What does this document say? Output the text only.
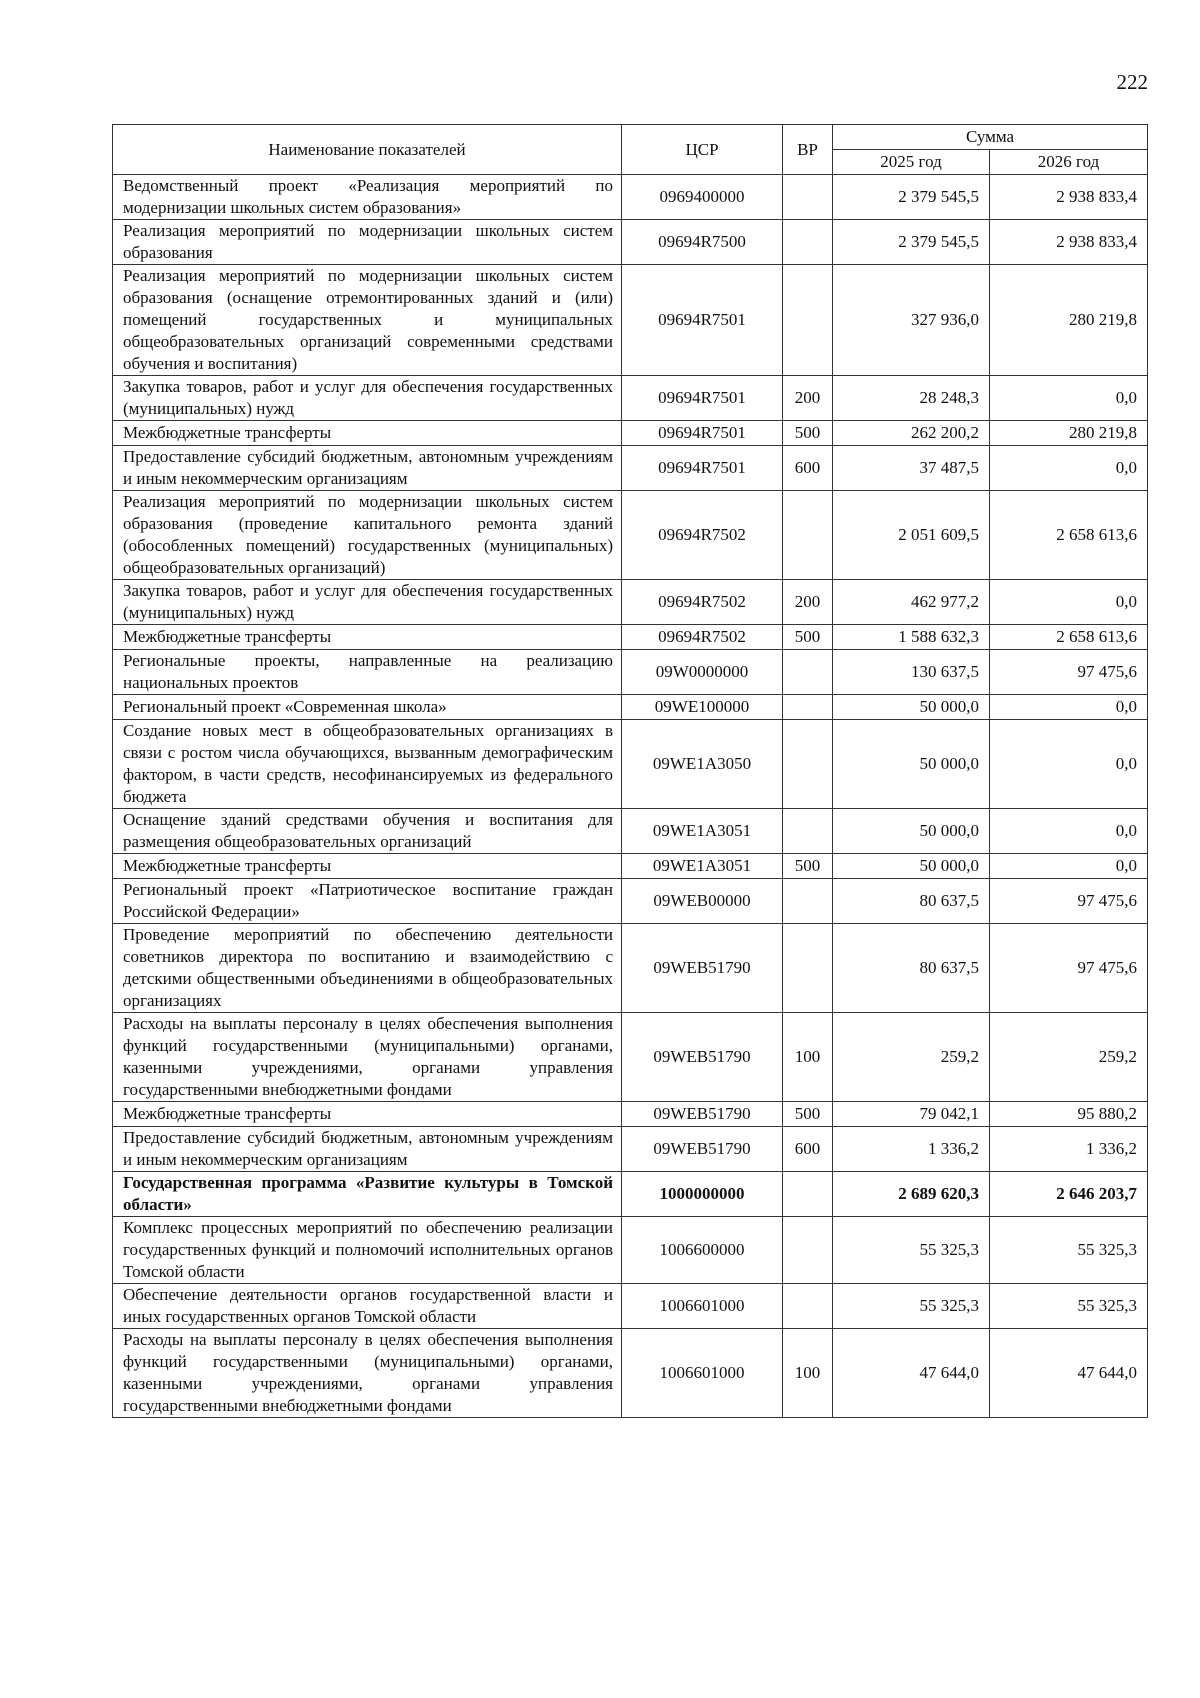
222
Наименование показателей	ЦСР	ВР	Сумма	
			2025 год	2026 год
Ведомственный проект «Реализация мероприятий по модернизации школьных систем образования»	0969400000		2 379 545,5	2 938 833,4
Реализация мероприятий по модернизации школьных систем образования	09694R7500		2 379 545,5	2 938 833,4
Реализация мероприятий по модернизации школьных систем образования (оснащение отремонтированных зданий и (или) помещений государственных и муниципальных общеобразовательных организаций современными средствами обучения и воспитания)	09694R7501		327 936,0	280 219,8
Закупка товаров, работ и услуг для обеспечения государственных (муниципальных) нужд	09694R7501	200	28 248,3	0,0
Межбюджетные трансферты	09694R7501	500	262 200,2	280 219,8
Предоставление субсидий бюджетным, автономным учреждениям и иным некоммерческим организациям	09694R7501	600	37 487,5	0,0
Реализация мероприятий по модернизации школьных систем образования (проведение капитального ремонта зданий (обособленных помещений) государственных (муниципальных) общеобразовательных организаций)	09694R7502		2 051 609,5	2 658 613,6
Закупка товаров, работ и услуг для обеспечения государственных (муниципальных) нужд	09694R7502	200	462 977,2	0,0
Межбюджетные трансферты	09694R7502	500	1 588 632,3	2 658 613,6
Региональные проекты, направленные на реализацию национальных проектов	09W0000000		130 637,5	97 475,6
Региональный проект «Современная школа»	09WE100000		50 000,0	0,0
Создание новых мест в общеобразовательных организациях в связи с ростом числа обучающихся, вызванным демографическим фактором, в части средств, несофинансируемых из федерального бюджета	09WE1A3050		50 000,0	0,0
Оснащение зданий средствами обучения и воспитания для размещения общеобразовательных организаций	09WE1A3051		50 000,0	0,0
Межбюджетные трансферты	09WE1A3051	500	50 000,0	0,0
Региональный проект «Патриотическое воспитание граждан Российской Федерации»	09WEB00000		80 637,5	97 475,6
Проведение мероприятий по обеспечению деятельности советников директора по воспитанию и взаимодействию с детскими общественными объединениями в общеобразовательных организациях	09WEB51790		80 637,5	97 475,6
Расходы на выплаты персоналу в целях обеспечения выполнения функций государственными (муниципальными) органами, казенными учреждениями, органами управления государственными внебюджетными фондами	09WEB51790	100	259,2	259,2
Межбюджетные трансферты	09WEB51790	500	79 042,1	95 880,2
Предоставление субсидий бюджетным, автономным учреждениям и иным некоммерческим организациям	09WEB51790	600	1 336,2	1 336,2
Государственная программа «Развитие культуры в Томской области»	1000000000		2 689 620,3	2 646 203,7
Комплекс процессных мероприятий по обеспечению реализации государственных функций и полномочий исполнительных органов Томской области	1006600000		55 325,3	55 325,3
Обеспечение деятельности органов государственной власти и иных государственных органов Томской области	1006601000		55 325,3	55 325,3
Расходы на выплаты персоналу в целях обеспечения выполнения функций государственными (муниципальными) органами, казенными учреждениями, органами управления государственными внебюджетными фондами	1006601000	100	47 644,0	47 644,0
